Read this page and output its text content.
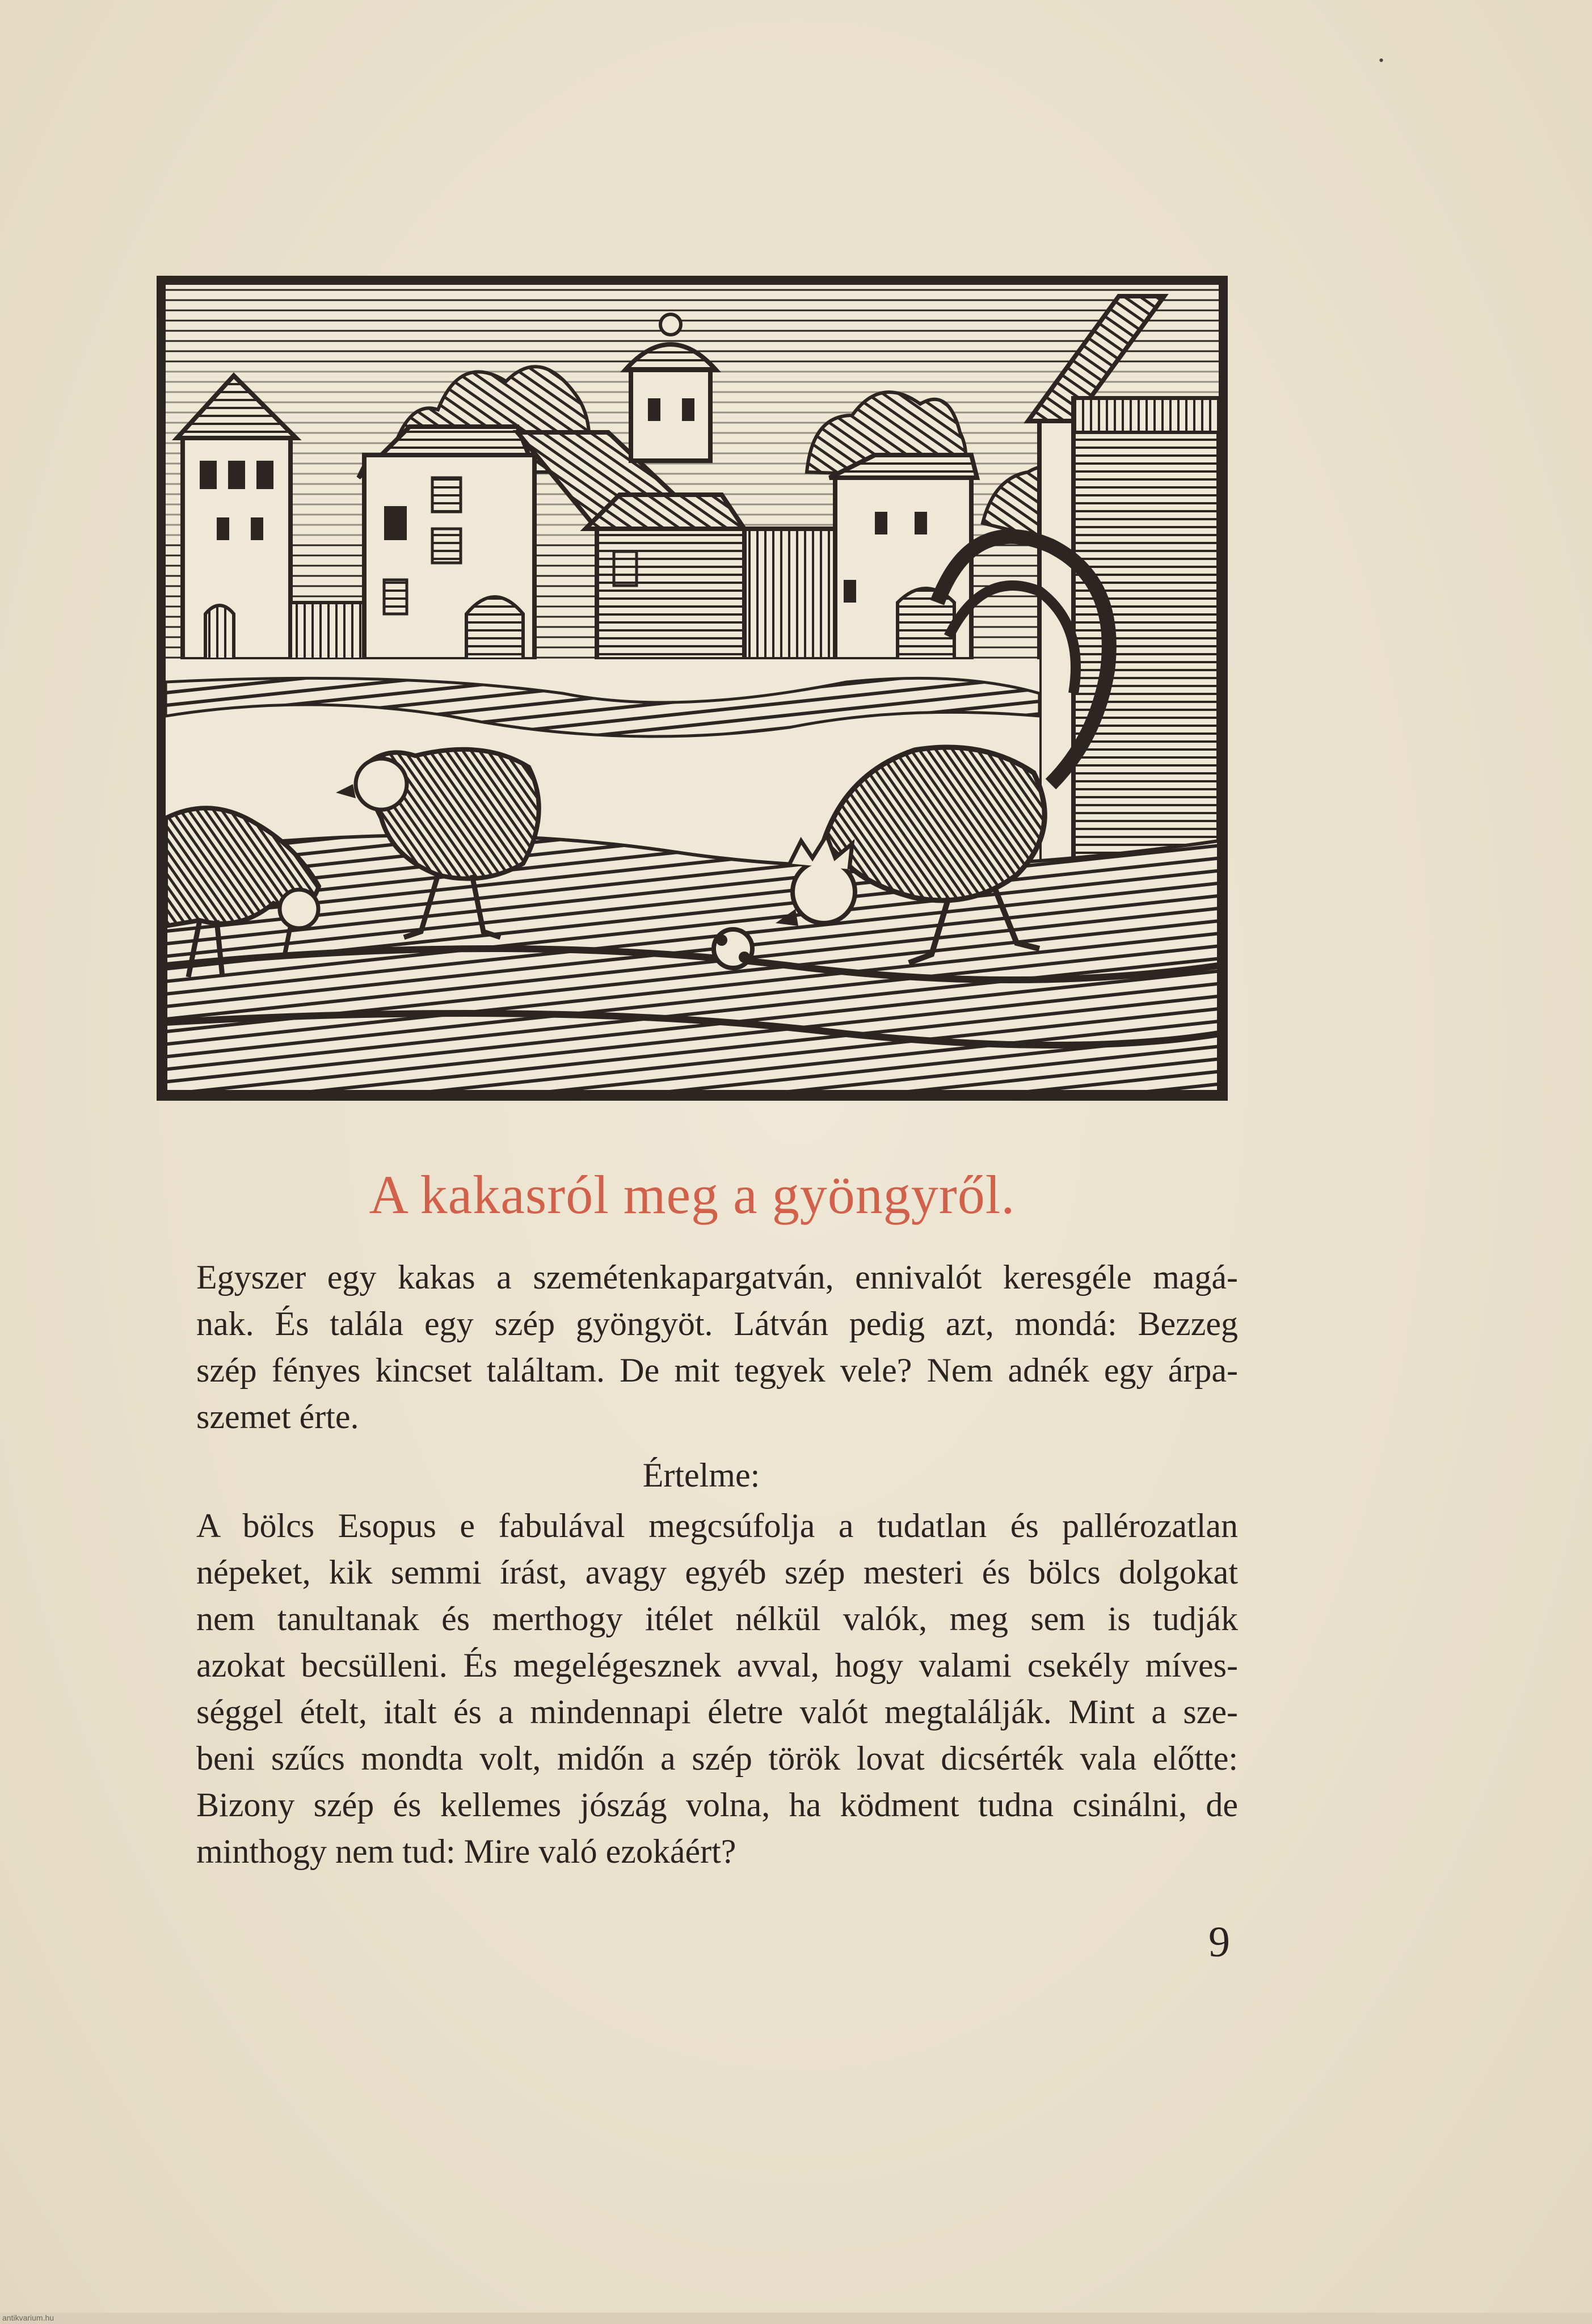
•
A kakasról meg a gyöngyről.
Egyszer egy kakas a szemétenkapargatván, ennivalót keresgéle magá-
nak. És talála egy szép gyöngyöt. Látván pedig azt, mondá: Bezzeg
szép fényes kincset találtam. De mit tegyek vele? Nem adnék egy árpa-
szemet érte.
Értelme:
A bölcs Esopus e fabulával megcsúfolja a tudatlan és pallérozatlan
népeket, kik semmi írást, avagy egyéb szép mesteri és bölcs dolgokat
nem tanultanak és merthogy itélet nélkül valók, meg sem is tudják
azokat becsülleni. És megelégesznek avval, hogy valami csekély míves-
séggel ételt, italt és a mindennapi életre valót megtalálják. Mint a sze-
beni szűcs mondta volt, midőn a szép török lovat dicsérték vala előtte:
Bizony szép és kellemes jószág volna, ha ködment tudna csinálni, de
minthogy nem tud: Mire való ezokáért?
9
antikvarium.hu
